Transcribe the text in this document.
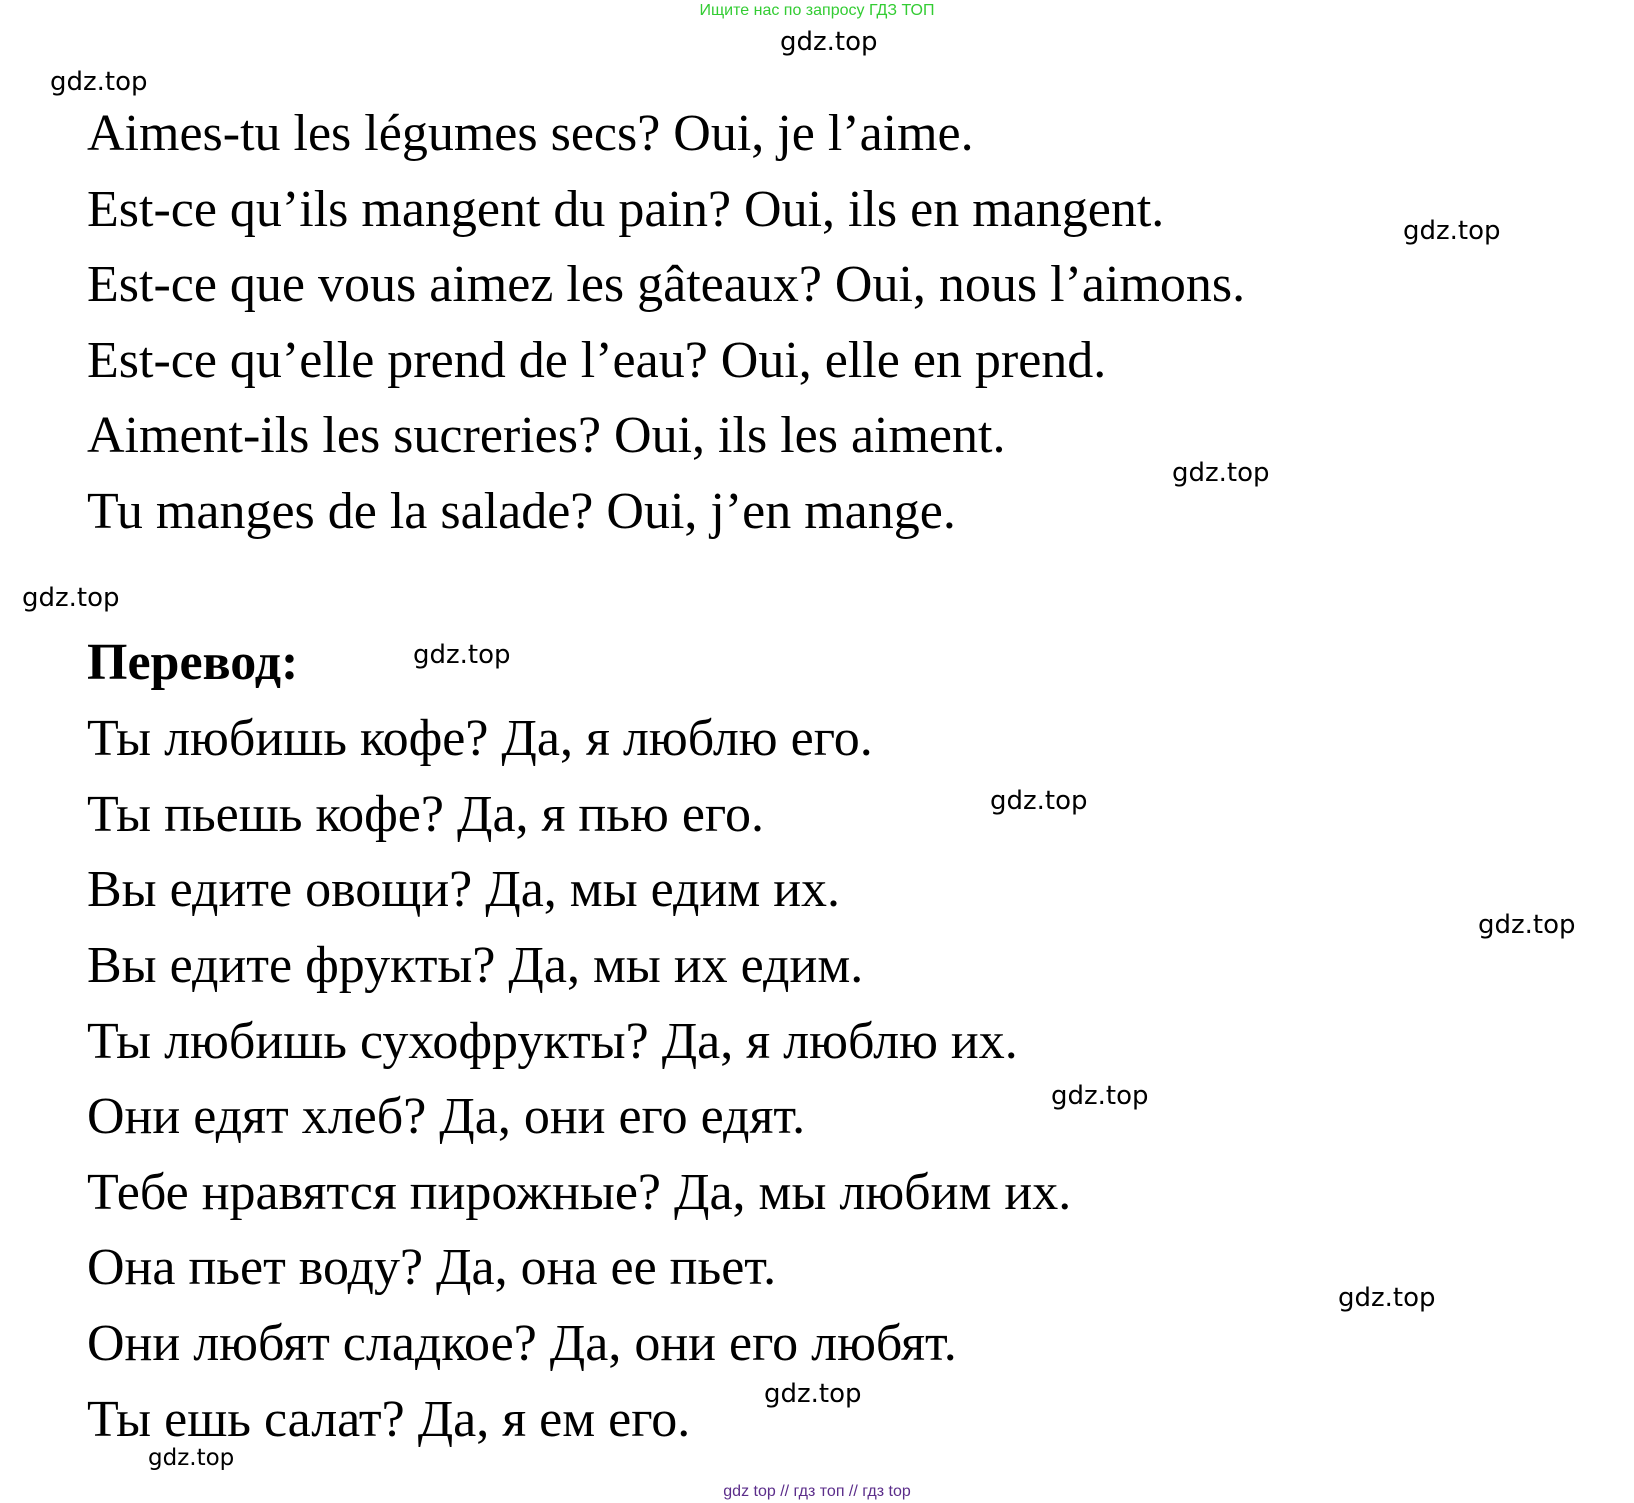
Ищите нас по запросу ГДЗ ТОП
gdz.top
gdz.top
gdz.top
gdz.top
gdz.top
gdz.top
gdz.top
gdz.top
gdz.top
gdz.top
gdz.top
gdz.top
Aimes-tu les légumes secs? Oui, je l’aime.
Est-ce qu’ils mangent du pain? Oui, ils en mangent.
Est-ce que vous aimez les gâteaux? Oui, nous l’aimons.
Est-ce qu’elle prend de l’eau? Oui, elle en prend.
Aiment-ils les sucreries? Oui, ils les aiment.
Tu manges de la salade? Oui, j’en mange.
Перевод:
Ты любишь кофе? Да, я люблю его.
Ты пьешь кофе? Да, я пью его.
Вы едите овощи? Да, мы едим их.
Вы едите фрукты? Да, мы их едим.
Ты любишь сухофрукты? Да, я люблю их.
Они едят хлеб? Да, они его едят.
Тебе нравятся пирожные? Да, мы любим их.
Она пьет воду? Да, она ее пьет.
Они любят сладкое? Да, они его любят.
Ты ешь салат? Да, я ем его.
gdz top // гдз топ // гдз top
